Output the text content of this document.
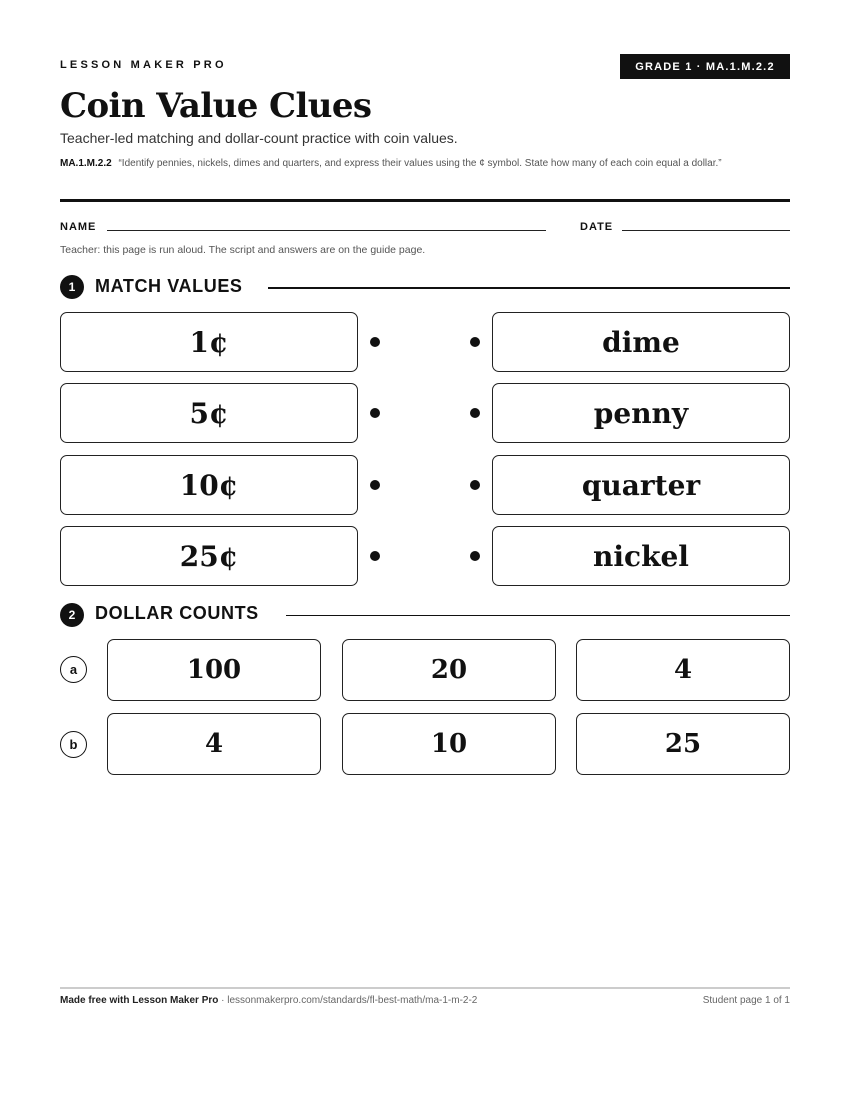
LESSON MAKER PRO	GRADE 1 · MA.1.M.2.2
Coin Value Clues
Teacher-led matching and dollar-count practice with coin values.
MA.1.M.2.2 “Identify pennies, nickels, dimes and quarters, and express their values using the ¢ symbol. State how many of each coin equal a dollar.”
NAME	DATE
Teacher: this page is run aloud. The script and answers are on the guide page.
1	MATCH VALUES
1¢
5¢
10¢
25¢
dime
penny
quarter
nickel
2	DOLLAR COUNTS
a	100	20	4
b	4	10	25
Made free with Lesson Maker Pro · lessonmakerpro.com/standards/fl-best-math/ma-1-m-2-2	Student page 1 of 1
